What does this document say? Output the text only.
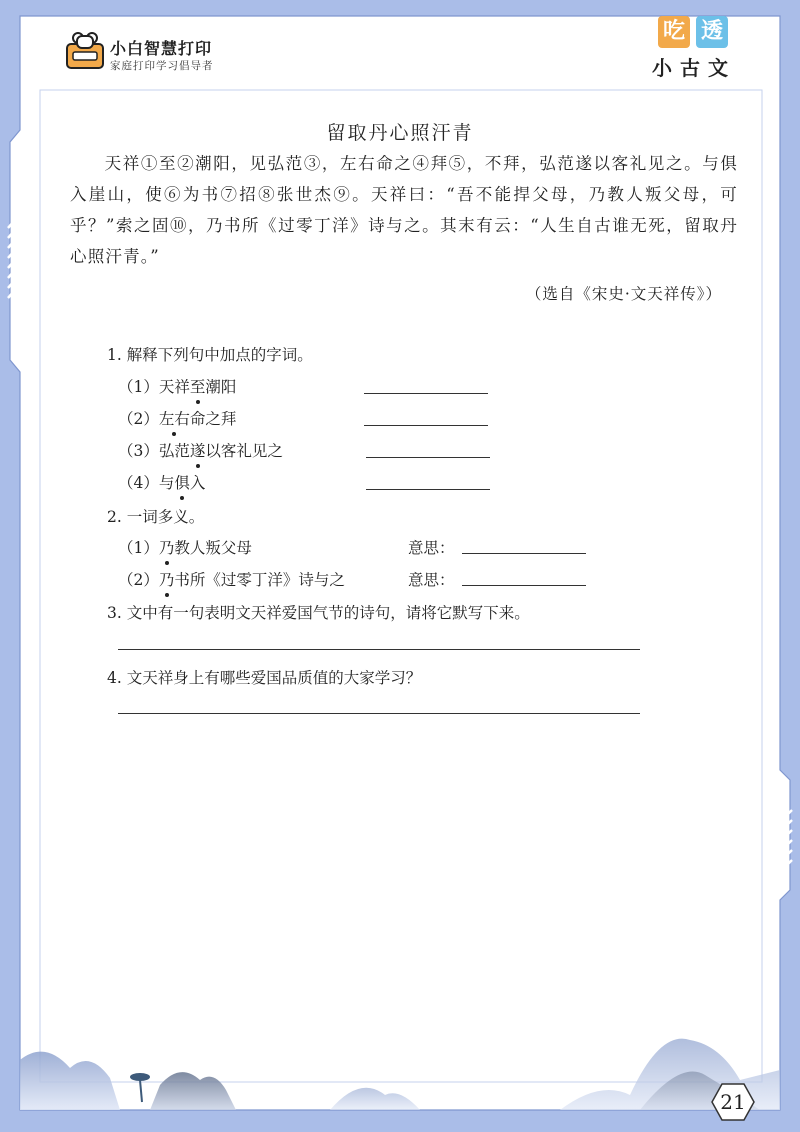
小白智慧打印
家庭打印学习倡导者
吃 透
小古文
留取丹心照汗青
天祥①至②潮阳，见弘范③，左右命之④拜⑤，不拜，弘范遂以客礼见之。与俱入崖山，使⑥为书⑦招⑧张世杰⑨。天祥曰：“吾不能捍父母，乃教人叛父母，可乎？”索之固⑩，乃书所《过零丁洋》诗与之。其末有云：“人生自古谁无死，留取丹心照汗青。”
（选自《宋史·文天祥传》）
1. 解释下列句中加点的字词。
（1）天祥至潮阳
（2）左右命之拜
（3）弘范遂以客礼见之
（4）与俱入
2. 一词多义。
（1）乃教人叛父母	意思：
（2）乃书所《过零丁洋》诗与之	意思：
3. 文中有一句表明文天祥爱国气节的诗句，请将它默写下来。
4. 文天祥身上有哪些爱国品质值的大家学习？
21
